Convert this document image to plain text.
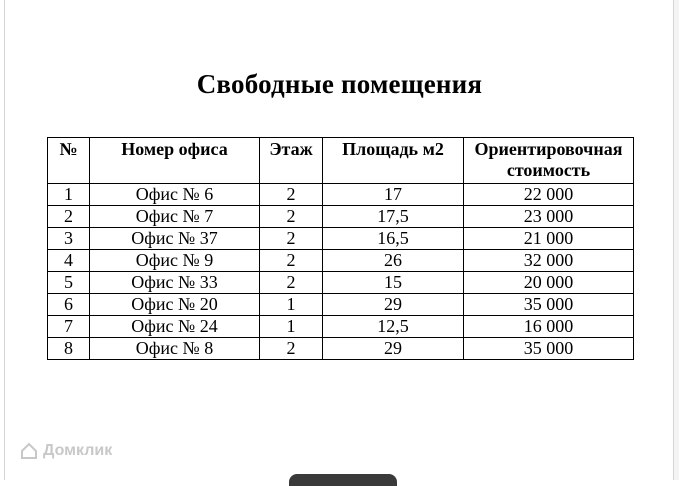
Свободные помещения
№	Номер офиса	Этаж	Площадь м2	Ориентировочная стоимость
1	Офис № 6	2	17	22 000
2	Офис № 7	2	17,5	23 000
3	Офис № 37	2	16,5	21 000
4	Офис № 9	2	26	32 000
5	Офис № 33	2	15	20 000
6	Офис № 20	1	29	35 000
7	Офис № 24	1	12,5	16 000
8	Офис № 8	2	29	35 000
Домклик
